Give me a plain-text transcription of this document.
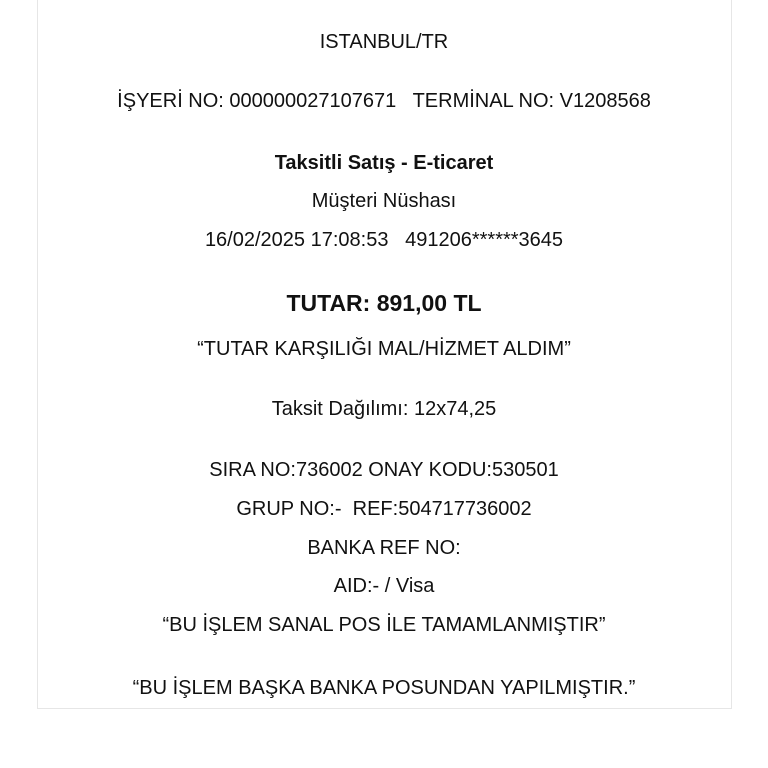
ISTANBUL/TR
İŞYERİ NO: 000000027107671   TERMİNAL NO: V1208568
Taksitli Satış - E-ticaret
Müşteri Nüshası
16/02/2025 17:08:53   491206******3645
TUTAR: 891,00 TL
“TUTAR KARŞILIĞI MAL/HİZMET ALDIM”
Taksit Dağılımı: 12x74,25
SIRA NO:736002 ONAY KODU:530501
GRUP NO:-  REF:504717736002
BANKA REF NO:
AID:- / Visa
“BU İŞLEM SANAL POS İLE TAMAMLANMIŞTIR”
“BU İŞLEM BAŞKA BANKA POSUNDAN YAPILMIŞTIR.”
